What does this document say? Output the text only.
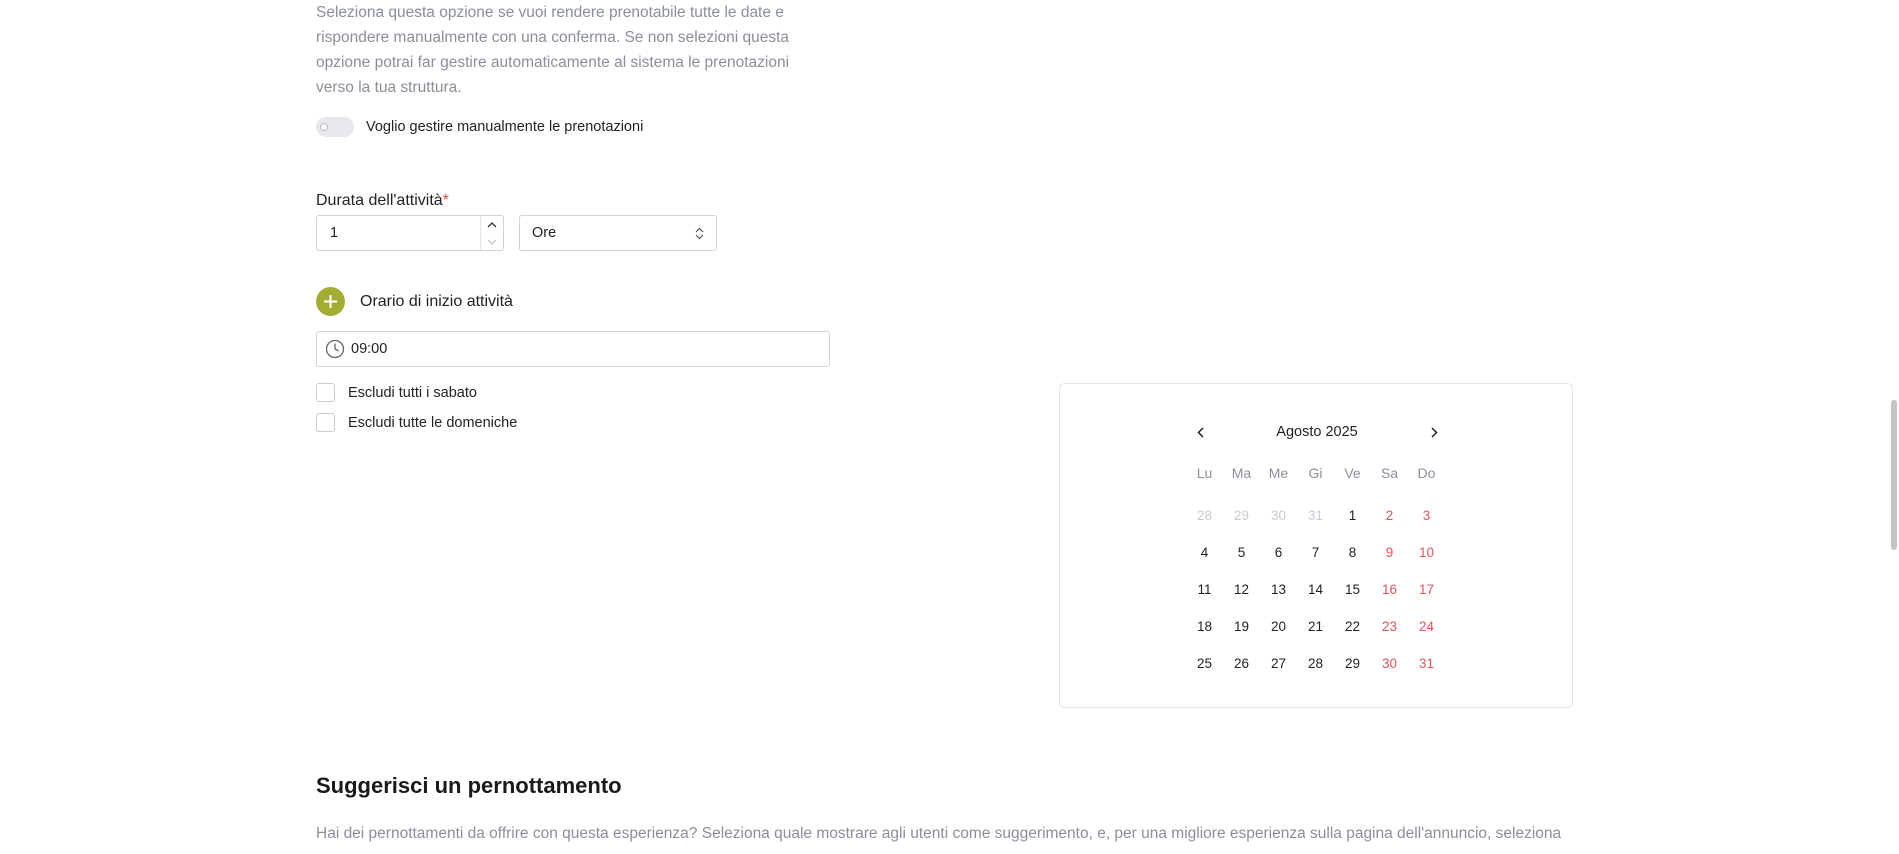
Seleziona questa opzione se vuoi rendere prenotabile tutte le date e rispondere manualmente con una conferma. Se non selezioni questa opzione potrai far gestire automaticamente al sistema le prenotazioni verso la tua struttura.

Voglio gestire manualmente le prenotazioni
Durata dell'attività*
1	Ore
Orario di inizio attività
09:00
Escludi tutti i sabato
Escludi tutte le domeniche
Agosto 2025
Lu	Ma	Me	Gi	Ve	Sa	Do
28	29	30	31	1	2	3
4	5	6	7	8	9	10
11	12	13	14	15	16	17
18	19	20	21	22	23	24
25	26	27	28	29	30	31
Suggerisci un pernottamento

Hai dei pernottamenti da offrire con questa esperienza? Seleziona quale mostrare agli utenti come suggerimento, e, per una migliore esperienza sulla pagina dell'annuncio, seleziona
